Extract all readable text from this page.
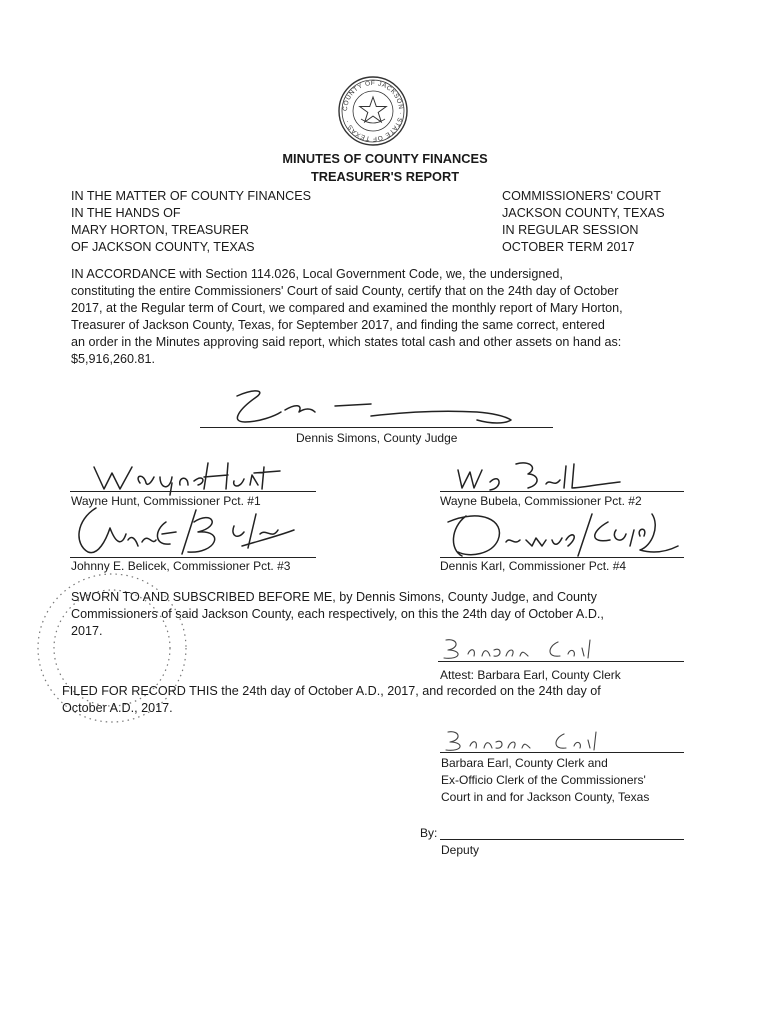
COUNTY OF JACKSON · STATE OF TEXAS ·
MINUTES OF COUNTY FINANCES
TREASURER'S REPORT
IN THE MATTER OF COUNTY FINANCES
IN THE HANDS OF
MARY HORTON, TREASURER
OF JACKSON COUNTY, TEXAS
COMMISSIONERS' COURT
JACKSON COUNTY, TEXAS
IN REGULAR SESSION
OCTOBER TERM 2017
IN ACCORDANCE with Section 114.026, Local Government Code, we, the undersigned,
constituting the entire Commissioners' Court of said County, certify that on the 24th day of October
2017, at the Regular term of Court, we compared and examined the monthly report of Mary Horton,
Treasurer of Jackson County, Texas, for September 2017, and finding the same correct, entered
an order in the Minutes approving said report, which states total cash and other assets on hand as:
$5,916,260.81.
Dennis Simons, County Judge
Wayne Hunt, Commissioner Pct. #1	Wayne Bubela, Commissioner Pct. #2
Johnny E. Belicek, Commissioner Pct. #3	Dennis Karl, Commissioner Pct. #4
SWORN TO AND SUBSCRIBED BEFORE ME, by Dennis Simons, County Judge, and County
Commissioners of said Jackson County, each respectively, on this the 24th day of October A.D.,
2017.
Attest: Barbara Earl, County Clerk
FILED FOR RECORD THIS the 24th day of October A.D., 2017, and recorded on the 24th day of
October A.D., 2017.
Barbara Earl, County Clerk and
Ex-Officio Clerk of the Commissioners'
Court in and for Jackson County, Texas
By:
Deputy
